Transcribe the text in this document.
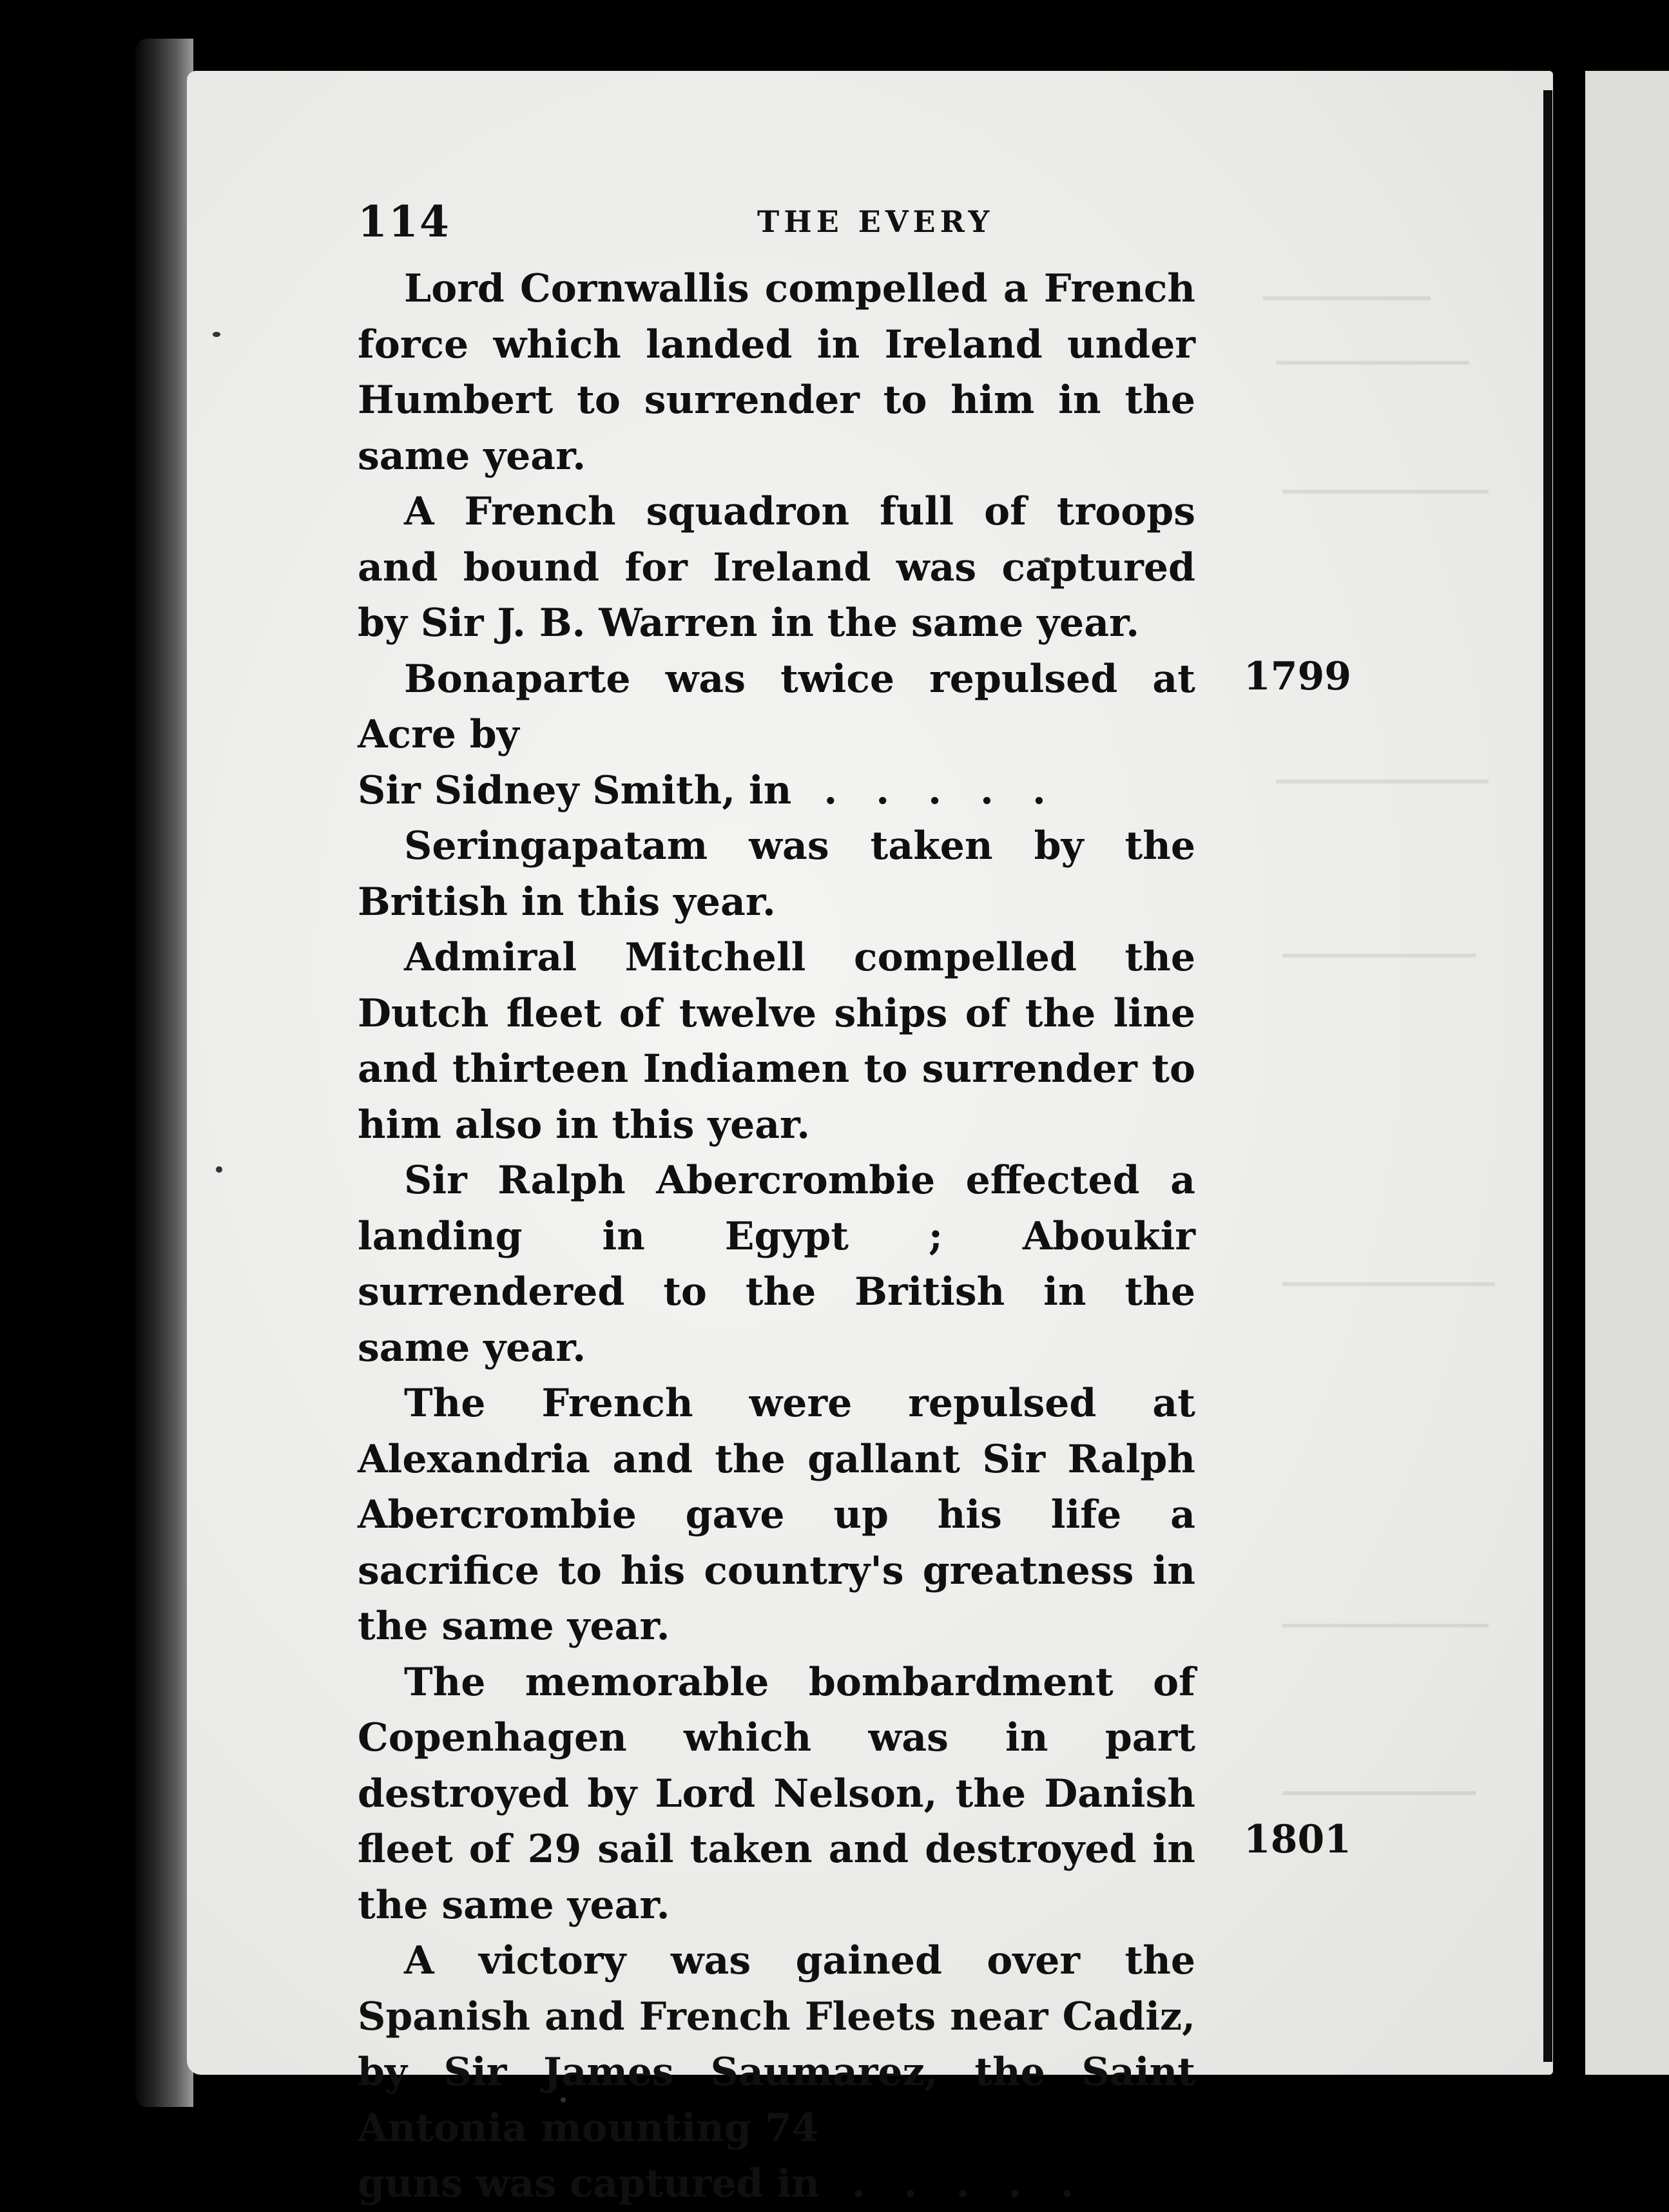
114	THE EVERY

Lord Cornwallis compelled a French force which landed in Ireland under Humbert to surrender to him in the same year.

A French squadron full of troops and bound for Ireland was captured by Sir J. B. Warren in the same year.

Bonaparte was twice repulsed at Acre by
Sir Sidney Smith, in .....

Seringapatam was taken by the British in this year.

Admiral Mitchell compelled the Dutch fleet of twelve ships of the line and thirteen Indiamen to surrender to him also in this year.

Sir Ralph Abercrombie effected a landing in Egypt ; Aboukir surrendered to the British in the same year.

The French were repulsed at Alexandria and the gallant Sir Ralph Abercrombie gave up his life a sacrifice to his country's greatness in the same year.

The memorable bombardment of Copenhagen which was in part destroyed by Lord Nelson, the Danish fleet of 29 sail taken and destroyed in the same year.

A victory was gained over the Spanish and French Fleets near Cadiz, by Sir James Saumarez, the Saint Antonia mounting 74
guns was captured in .....

1799
1801
